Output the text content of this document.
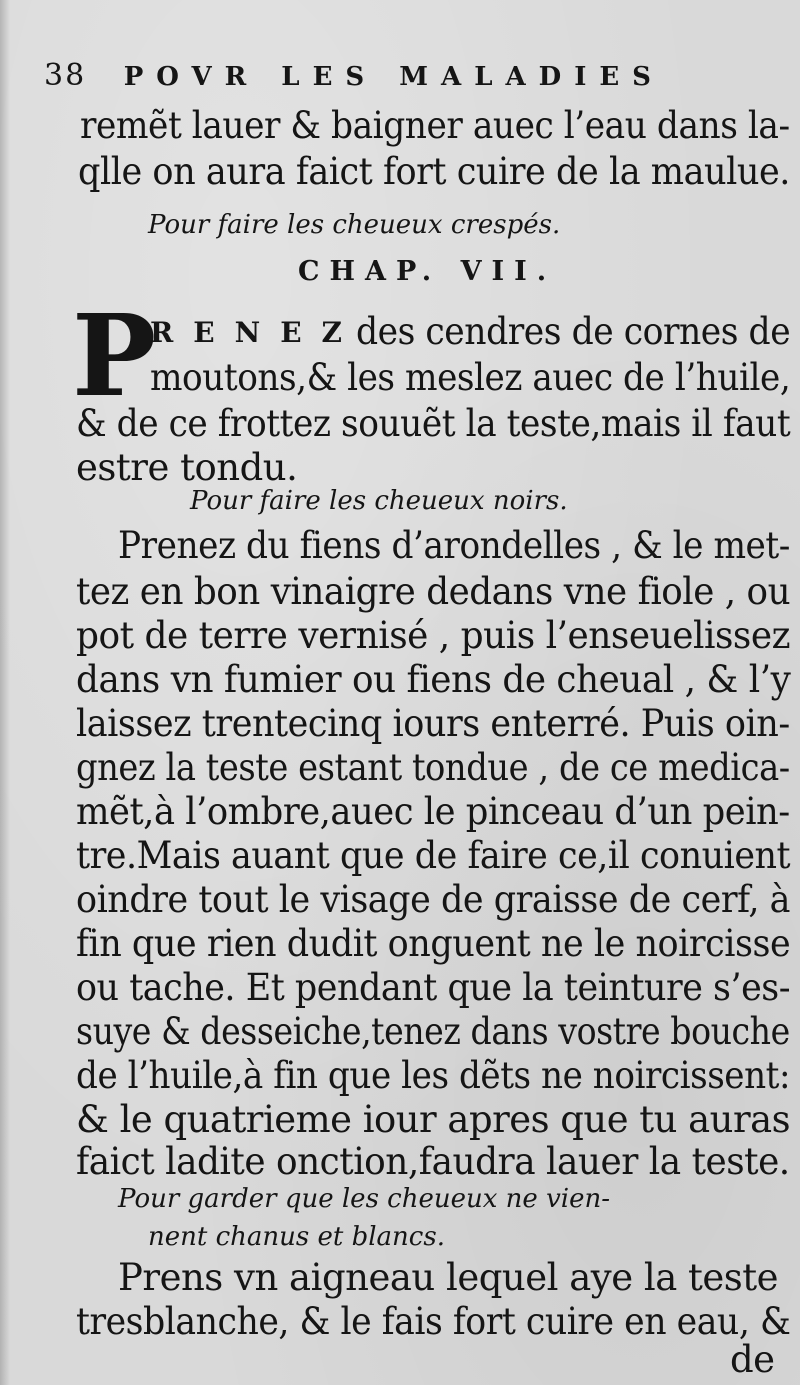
38 POVR LES MALADIES
remẽt lauer & baigner auec l’eau dans la-
qlle on aura faict fort cuire de la maulue.
Pour faire les cheueux crespés.
CHAP. VII.
P
RENEZ
des cendres de cornes de
moutons,& les meslez auec de l’huile,
& de ce frottez souuẽt la teste,mais il faut
estre tondu.
Pour faire les cheueux noirs.
Prenez du fiens d’arondelles , & le met-
tez en bon vinaigre dedans vne fiole , ou
pot de terre vernisé , puis l’enseuelissez
dans vn fumier ou fiens de cheual , & l’y
laissez trentecinq iours enterré. Puis oin-
gnez la teste estant tondue , de ce medica-
mẽt,à l’ombre,auec le pinceau d’un pein-
tre.Mais auant que de faire ce,il conuient
oindre tout le visage de graisse de cerf, à
fin que rien dudit onguent ne le noircisse
ou tache. Et pendant que la teinture s’es-
suye & desseiche,tenez dans vostre bouche
de l’huile,à fin que les dẽts ne noircissent:
& le quatrieme iour apres que tu auras
faict ladite onction,faudra lauer la teste.
Pour garder que les cheueux ne vien-
nent chanus et blancs.
Prens vn aigneau lequel aye la teste
tresblanche, & le fais fort cuire en eau, &
de
